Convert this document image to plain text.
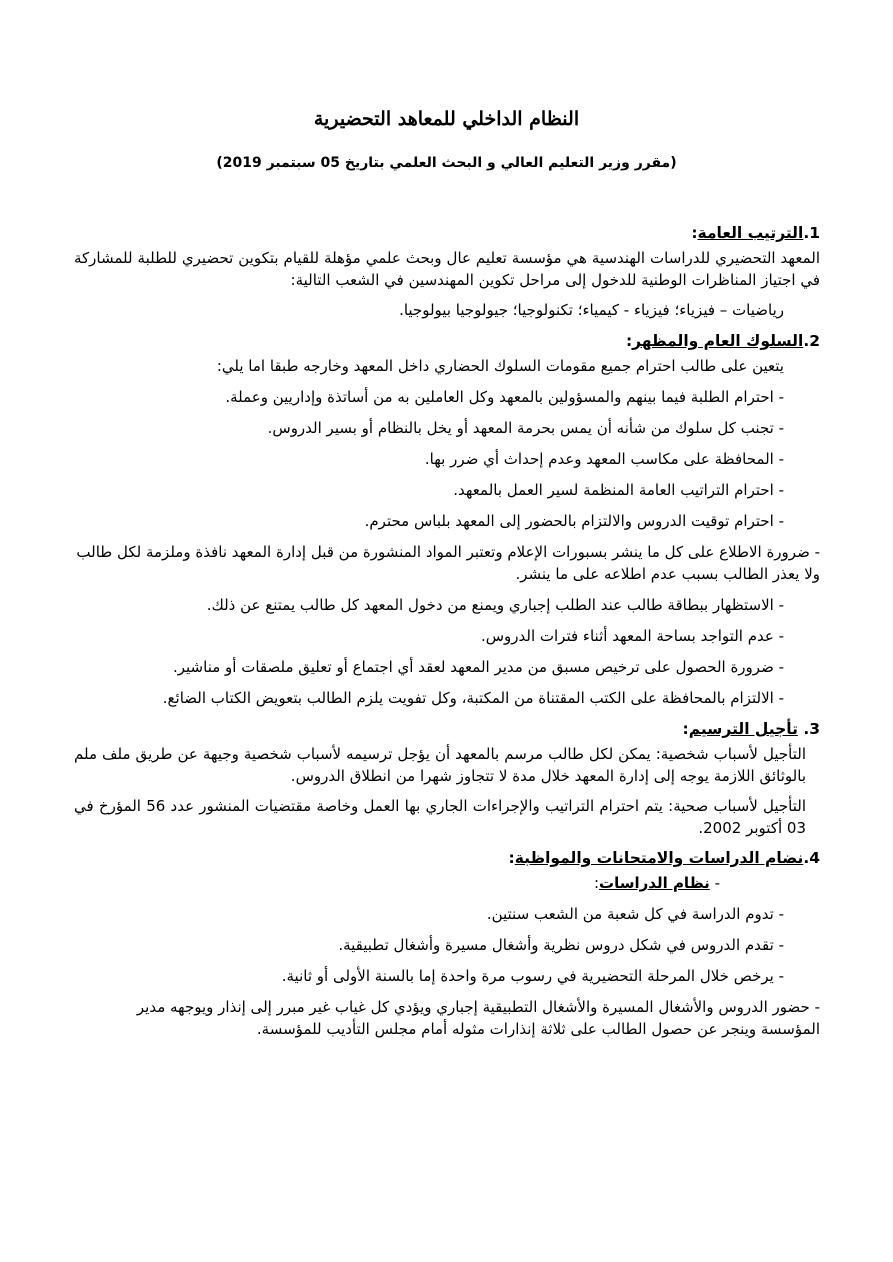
النظام الداخلي للمعاهد التحضيرية
(مقرر وزير التعليم العالي و البحث العلمي بتاريخ 05 سبتمبر 2019)
1.الترتيب العامة:

المعهد التحضيري للدراسات الهندسية هي مؤسسة تعليم عال وبحث علمي مؤهلة للقيام بتكوين تحضيري للطلبة للمشاركة في اجتياز المناظرات الوطنية للدخول إلى مراحل تكوين المهندسين في الشعب التالية:

رياضيات – فيزياء؛ فيزياء - كيمياء؛ تكنولوجيا؛ جيولوجيا بيولوجيا.

2.السلوك العام والمظهر:

يتعين على طالب احترام جميع مقومات السلوك الحضاري داخل المعهد وخارجه طبقا اما يلي:

- احترام الطلبة فيما بينهم والمسؤولين بالمعهد وكل العاملين به من أساتذة وإداريين وعملة.

- تجنب كل سلوك من شأنه أن يمس بحرمة المعهد أو يخل بالنظام أو بسير الدروس.

- المحافظة على مكاسب المعهد وعدم إحداث أي ضرر بها.

- احترام التراتيب العامة المنظمة لسير العمل بالمعهد.

- احترام توقيت الدروس والالتزام بالحضور إلى المعهد بلباس محترم.

- ضرورة الاطلاع على كل ما ينشر بسبورات الإعلام وتعتبر المواد المنشورة من قبل إدارة المعهد نافذة وملزمة لكل طالب ولا يعذر الطالب بسبب عدم اطلاعه على ما ينشر.

- الاستظهار ببطاقة طالب عند الطلب إجباري ويمنع من دخول المعهد كل طالب يمتنع عن ذلك.

- عدم التواجد بساحة المعهد أثناء فترات الدروس.

- ضرورة الحصول على ترخيص مسبق من مدير المعهد لعقد أي اجتماع أو تعليق ملصقات أو مناشير.

- الالتزام بالمحافظة على الكتب المقتناة من المكتبة، وكل تفويت يلزم الطالب بتعويض الكتاب الضائع.

3. تأجيل الترسيم:

التأجيل لأسباب شخصية: يمكن لكل طالب مرسم بالمعهد أن يؤجل ترسيمه لأسباب شخصية وجيهة عن طريق ملف ملم بالوثائق اللازمة يوجه إلى إدارة المعهد خلال مدة لا تتجاوز شهرا من انطلاق الدروس.

التأجيل لأسباب صحية: يتم احترام التراتيب والإجراءات الجاري بها العمل وخاصة مقتضيات المنشور عدد 56 المؤرخ في 03 أكتوبر 2002.

4.نضام الدراسات والامتحانات والمواظبة:
- نظام الدراسات:

- تدوم الدراسة في كل شعبة من الشعب سنتين.

- تقدم الدروس في شكل دروس نظرية وأشغال مسيرة وأشغال تطبيقية.

- يرخص خلال المرحلة التحضيرية في رسوب مرة واحدة إما بالسنة الأولى أو ثانية.

- حضور الدروس والأشغال المسيرة والأشغال التطبيقية إجباري ويؤدي كل غياب غير مبرر إلى إنذار ويوجهه مدير المؤسسة وينجر عن حصول الطالب على ثلاثة إنذارات مثوله أمام مجلس التأديب للمؤسسة.
